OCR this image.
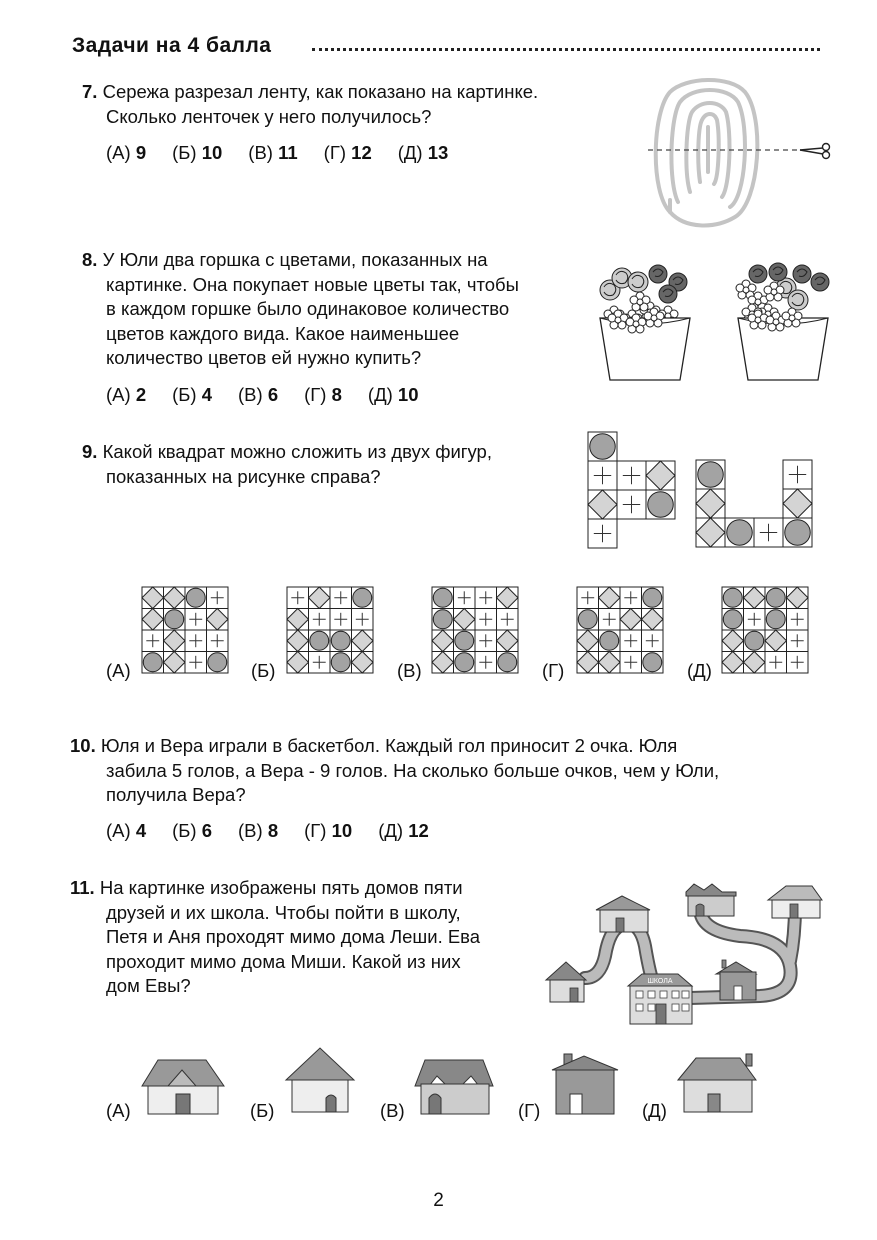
Задачи на 4 балла
7. Сережа разрезал ленту, как показано на картинке.
Сколько ленточек у него получилось?
(А) 9 (Б) 10 (В) 11 (Г) 12 (Д) 13
8. У Юли два горшка с цветами, показанных на
картинке. Она покупает новые цветы так, чтобы
в каждом горшке было одинаковое количество
цветов каждого вида. Какое наименьшее
количество цветов ей нужно купить?
(А) 2 (Б) 4 (В) 6 (Г) 8 (Д) 10
9. Какой квадрат можно сложить из двух фигур,
показанных на рисунке справа?
(А)	(Б)	(В)	(Г)	(Д)
10. Юля и Вера играли в баскетбол. Каждый гол приносит 2 очка. Юля
забила 5 голов, а Вера - 9 голов. На сколько больше очков, чем у Юли,
получила Вера?
(А) 4 (Б) 6 (В) 8 (Г) 10 (Д) 12
11. На картинке изображены пять домов пяти
друзей и их школа. Чтобы пойти в школу,
Петя и Аня проходят мимо дома Леши. Ева
проходит мимо дома Миши. Какой из них
дом Евы?	ШКОЛА
(А)	(Б)	(В)	(Г)	(Д)
2
